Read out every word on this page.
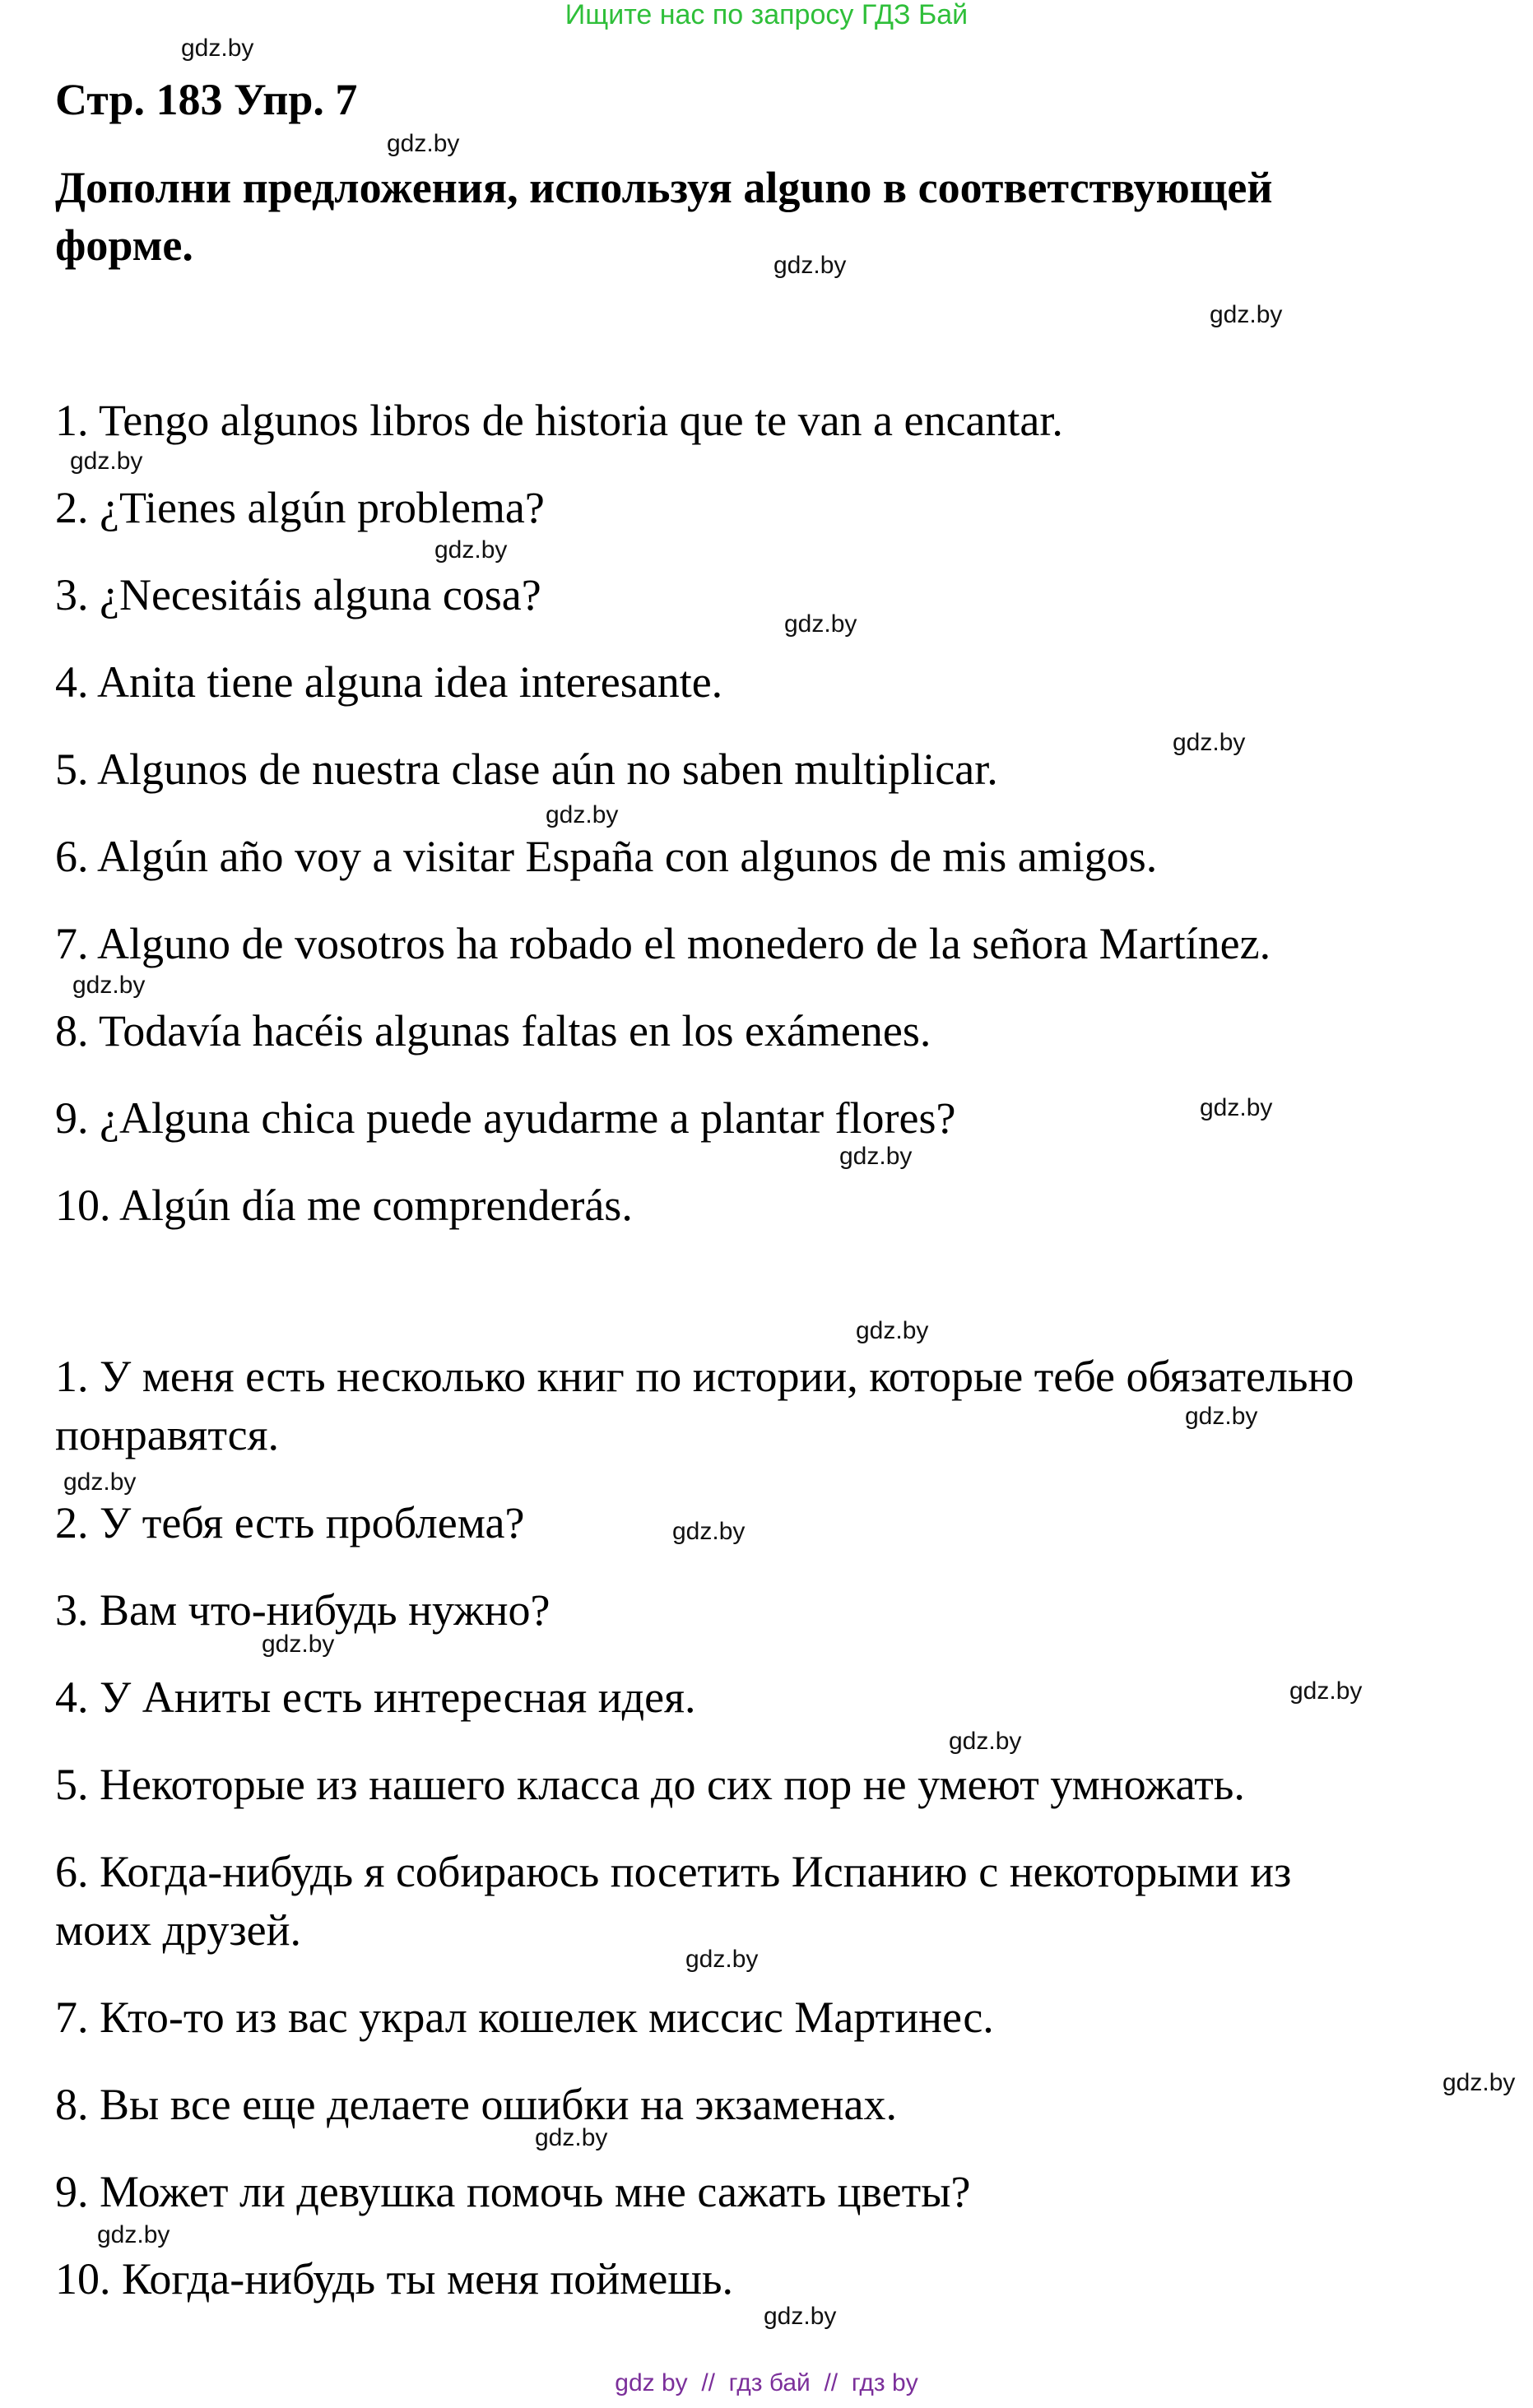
Ищите нас по запросу ГДЗ Бай
Стр. 183 Упр. 7
Дополни предложения, используя alguno в соответствующей
форме.
1. Tengo algunos libros de historia que te van a encantar.
2. ¿Tienes algún problema?
3. ¿Necesitáis alguna cosa?
4. Anita tiene alguna idea interesante.
5. Algunos de nuestra clase aún no saben multiplicar.
6. Algún año voy a visitar España con algunos de mis amigos.
7. Alguno de vosotros ha robado el monedero de la señora Martínez.
8. Todavía hacéis algunas faltas en los exámenes.
9. ¿Alguna chica puede ayudarme a plantar flores?
10. Algún día me comprenderás.
1. У меня есть несколько книг по истории, которые тебе обязательно
понравятся.
2. У тебя есть проблема?
3. Вам что-нибудь нужно?
4. У Аниты есть интересная идея.
5. Некоторые из нашего класса до сих пор не умеют умножать.
6. Когда-нибудь я собираюсь посетить Испанию с некоторыми из
моих друзей.
7. Кто-то из вас украл кошелек миссис Мартинес.
8. Вы все еще делаете ошибки на экзаменах.
9. Может ли девушка помочь мне сажать цветы?
10. Когда-нибудь ты меня поймешь.
gdz.by
gdz.by
gdz.by
gdz.by
gdz.by
gdz.by
gdz.by
gdz.by
gdz.by
gdz.by
gdz.by
gdz.by
gdz.by
gdz.by
gdz.by
gdz.by
gdz.by
gdz.by
gdz.by
gdz.by
gdz.by
gdz.by
gdz.by
gdz.by
gdz by  //  гдз бай  //  гдз by
